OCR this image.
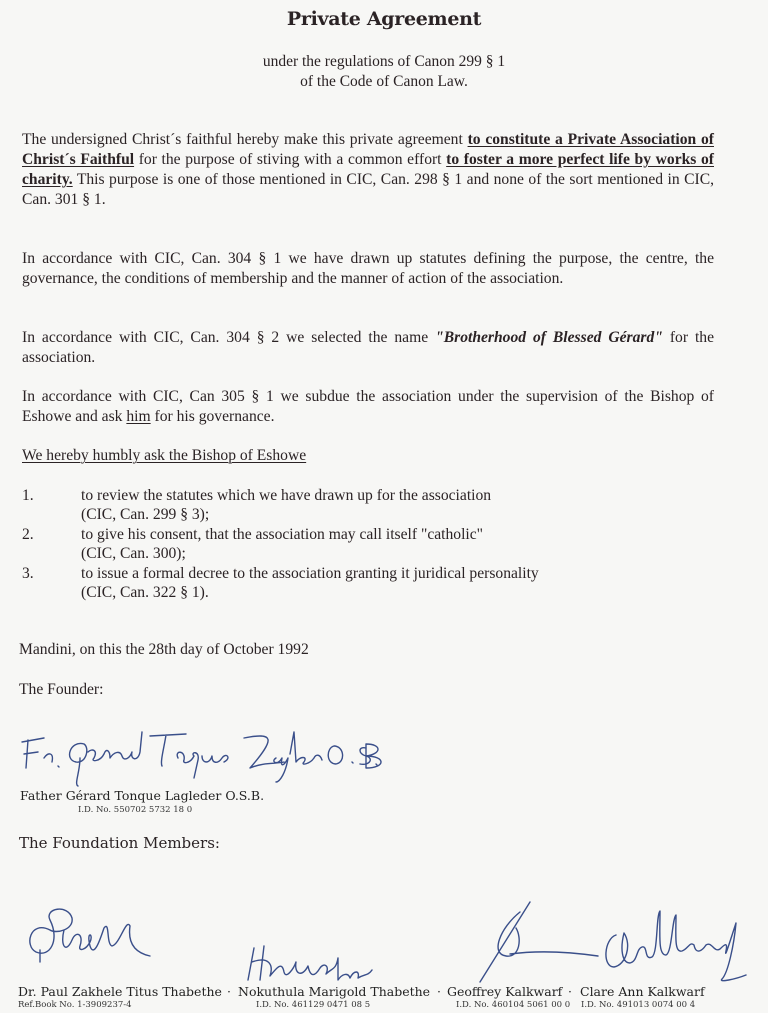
Private Agreement
under the regulations of Canon 299 § 1
of the Code of Canon Law.
The undersigned Christ´s faithful hereby make this private agreement to constitute a Private Association of Christ´s Faithful for the purpose of stiving with a common effort to foster a more perfect life by works of charity. This purpose is one of those mentioned in CIC, Can. 298 § 1 and none of the sort mentioned in CIC, Can. 301 § 1.
In accordance with CIC, Can. 304 § 1 we have drawn up statutes defining the purpose, the centre, the governance, the conditions of membership and the manner of action of the association.
In accordance with CIC, Can. 304 § 2 we selected the name "Brotherhood of Blessed Gérard" for the association.
In accordance with CIC, Can 305 § 1 we subdue the association under the supervision of the Bishop of Eshowe and ask him for his governance.
We hereby humbly ask the Bishop of Eshowe
1.	to review the statutes which we have drawn up for the association
(CIC, Can. 299 § 3);
2.	to give his consent, that the association may call itself "catholic"
(CIC, Can. 300);
3.	to issue a formal decree to the association granting it juridical personality
(CIC, Can. 322 § 1).
Mandini, on this the 28th day of October 1992
The Founder:
Father Gérard Tonque Lagleder O.S.B.
I.D. No. 550702 5732 18 0
The Foundation Members:
Dr. Paul Zakhele Titus Thabethe · Nokuthula Marigold Thabethe · Geoffrey Kalkwarf · Clare Ann Kalkwarf
Ref.Book No. 1-3909237-4	I.D. No. 461129 0471 08 5	I.D. No. 460104 5061 00 0 I.D. No. 491013 0074 00 4
